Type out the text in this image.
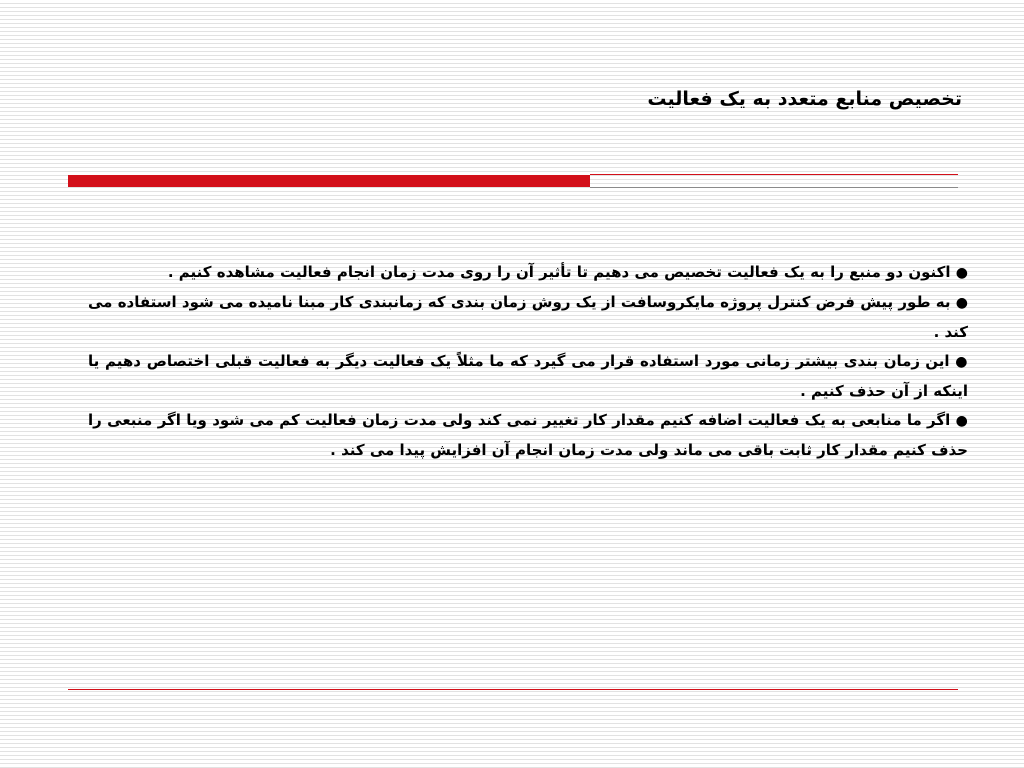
تخصیص منابع متعدد به یک فعالیت

● اکنون دو منبع را به یک فعالیت تخصیص می دهیم تا تأثیر آن را روی مدت زمان انجام فعالیت مشاهده کنیم .

● به طور پیش فرض کنترل پروژه مایکروسافت از یک روش زمان بندی که زمانبندی کار مبنا نامیده می شود استفاده می کند .

● این زمان بندی بیشتر زمانی مورد استفاده قرار می گیرد که ما مثلاً یک فعالیت دیگر به فعالیت قبلی اختصاص دهیم یا اینکه از آن حذف کنیم .

● اگر ما منابعی به یک فعالیت اضافه کنیم مقدار کار تغییر نمی کند ولی مدت زمان فعالیت کم می شود ویا اگر منبعی را حذف کنیم مقدار کار ثابت باقی می ماند ولی مدت زمان انجام آن افزایش پیدا می کند .
